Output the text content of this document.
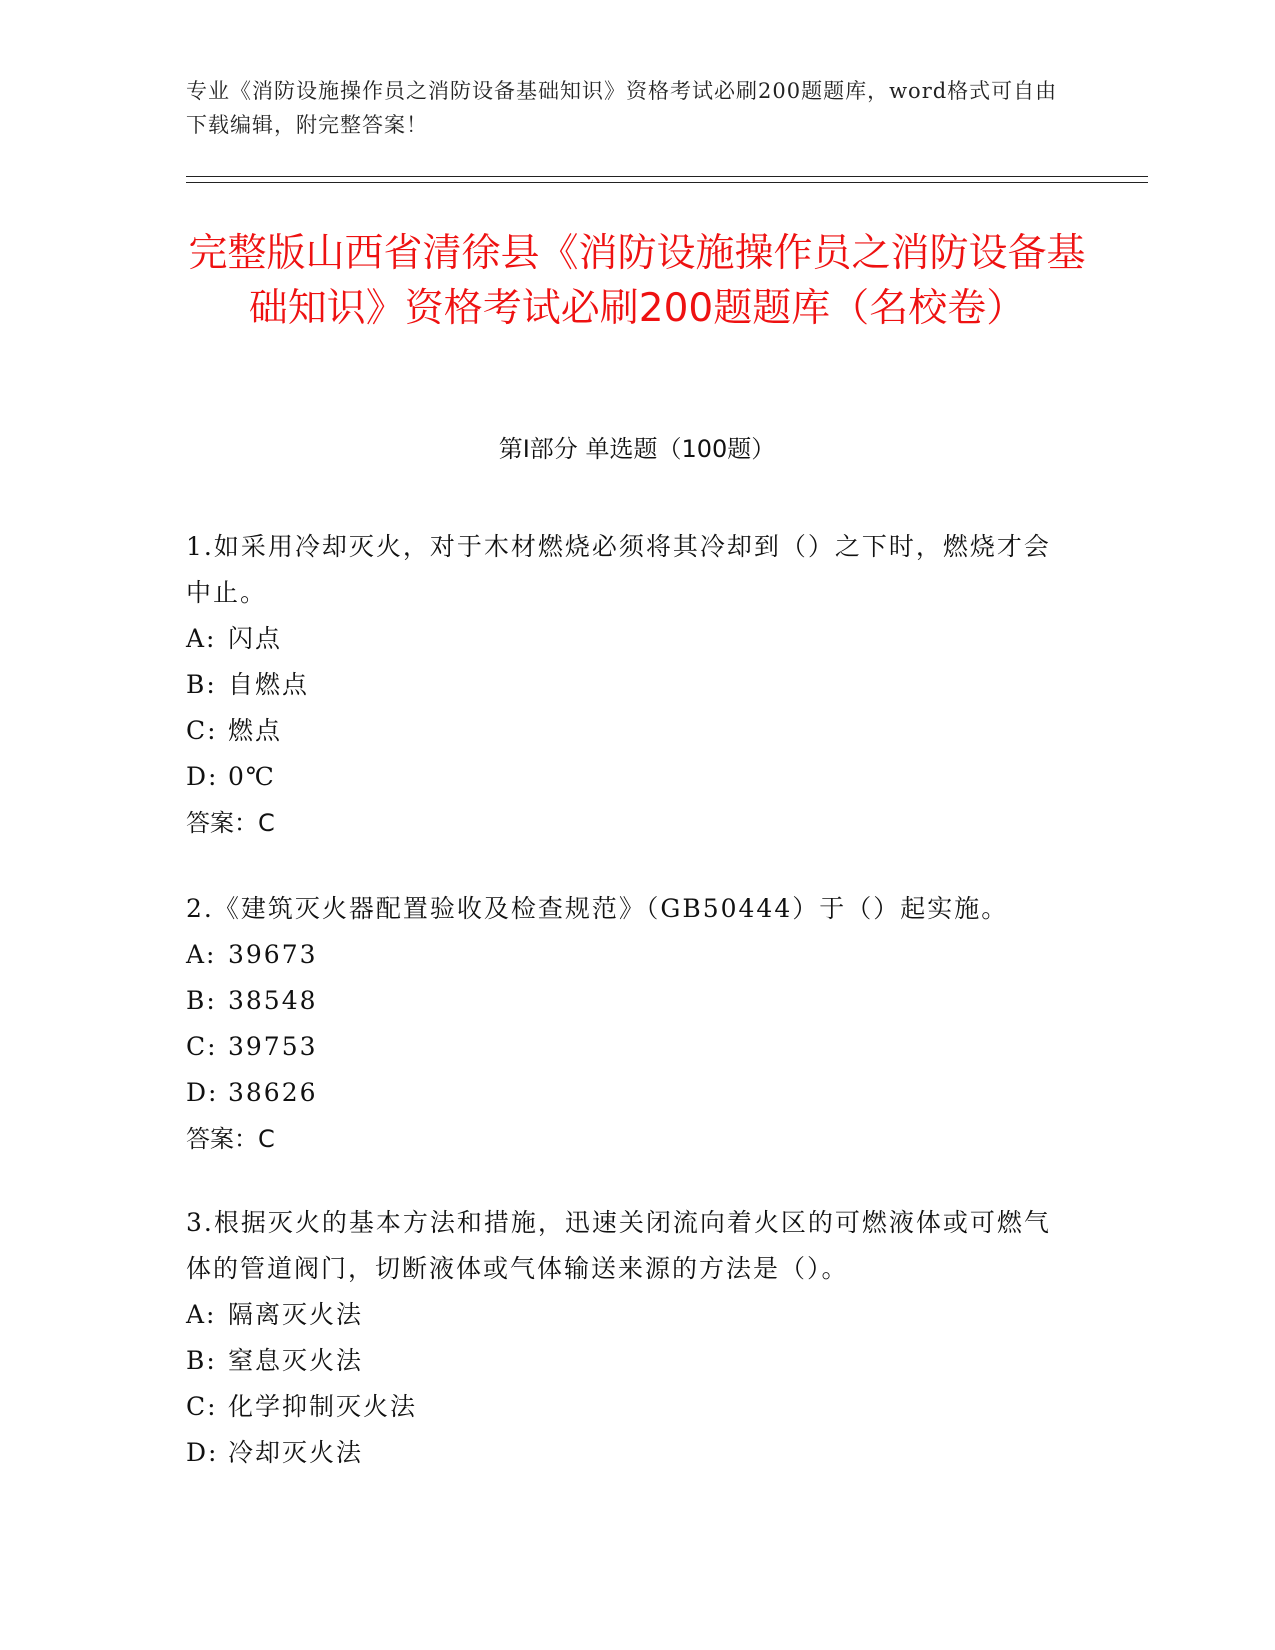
专业《消防设施操作员之消防设备基础知识》资格考试必刷200题题库，word格式可自由下载编辑，附完整答案！
完整版山西省清徐县《消防设施操作员之消防设备基础知识》资格考试必刷200题题库（名校卷）
第I部分 单选题（100题）

1.如采用冷却灭火，对于木材燃烧必须将其冷却到（）之下时，燃烧才会中止。

A: 闪点

B: 自燃点

C: 燃点

D: 0℃

答案：C

2.《建筑灭火器配置验收及检查规范》（GB50444）于（）起实施。

A: 39673

B: 38548

C: 39753

D: 38626

答案：C

3.根据灭火的基本方法和措施，迅速关闭流向着火区的可燃液体或可燃气体的管道阀门，切断液体或气体输送来源的方法是（）。

A: 隔离灭火法

B: 窒息灭火法

C: 化学抑制灭火法

D: 冷却灭火法
